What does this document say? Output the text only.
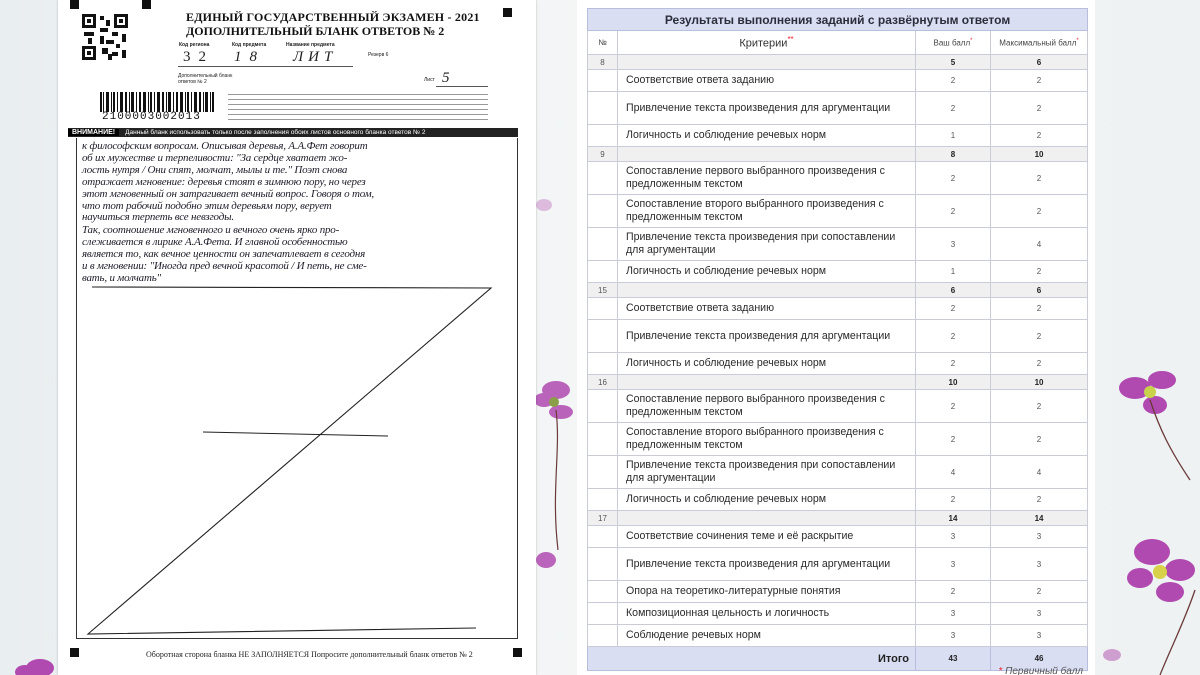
ЕДИНЫЙ ГОСУДАРСТВЕННЫЙ ЭКЗАМЕН - 2021
ДОПОЛНИТЕЛЬНЫЙ БЛАНК ОТВЕТОВ № 2
Код региона	Код предмета	Название предмета
32 18 ЛИТ	Резерв 6
Дополнительный бланк ответов № 2	Лист 5
2100003002013
ВНИМАНИЕ!	Данный бланк использовать только после заполнения обоих листов основного бланка ответов № 2
к философским вопросам. Описывая деревья, А.А.Фет говорит
об их мужестве и терпеливости: "За сердце хватает жо-
лость нутря / Они спят, молчат, мылы и те." Поэт снова
отражает мгновение: деревья стоят в зимнюю пору, но через
этот мгновенный он затрагивает вечный вопрос. Говоря о том,
что тот рабочий подобно этим деревьям пору, верует
научиться терпеть все невзгоды.
Так, соотношение мгновенного и вечного очень ярко про-
слеживается в лирике А.А.Фета. И главной особенностью
является то, как вечное ценности он запечатлевает в сегодня
и в мгновении: "Иногда пред вечной красотой / И петь, не сме-
вать, и молчать"
Оборотная сторона бланка НЕ ЗАПОЛНЯЕТСЯ Попросите дополнительный бланк ответов № 2
Результаты выполнения заданий с развёрнутым ответом			
№	Критерии**	Ваш балл*	Максимальный балл*
8		5	6
	Соответствие ответа заданию	2	2
	Привлечение текста произведения для аргументации	2	2
	Логичность и соблюдение речевых норм	1	2
9		8	10
	Сопоставление первого выбранного произведения с предложенным текстом	2	2
	Сопоставление второго выбранного произведения с предложенным текстом	2	2
	Привлечение текста произведения при сопоставлении для аргументации	3	4
	Логичность и соблюдение речевых норм	1	2
15		6	6
	Соответствие ответа заданию	2	2
	Привлечение текста произведения для аргументации	2	2
	Логичность и соблюдение речевых норм	2	2
16		10	10
	Сопоставление первого выбранного произведения с предложенным текстом	2	2
	Сопоставление второго выбранного произведения с предложенным текстом	2	2
	Привлечение текста произведения при сопоставлении для аргументации	4	4
	Логичность и соблюдение речевых норм	2	2
17		14	14
	Соответствие сочинения теме и её раскрытие	3	3
	Привлечение текста произведения для аргументации	3	3
	Опора на теоретико-литературные понятия	2	2
	Композиционная цельность и логичность	3	3
	Соблюдение речевых норм	3	3
Итого		43	46
* Первичный балл
